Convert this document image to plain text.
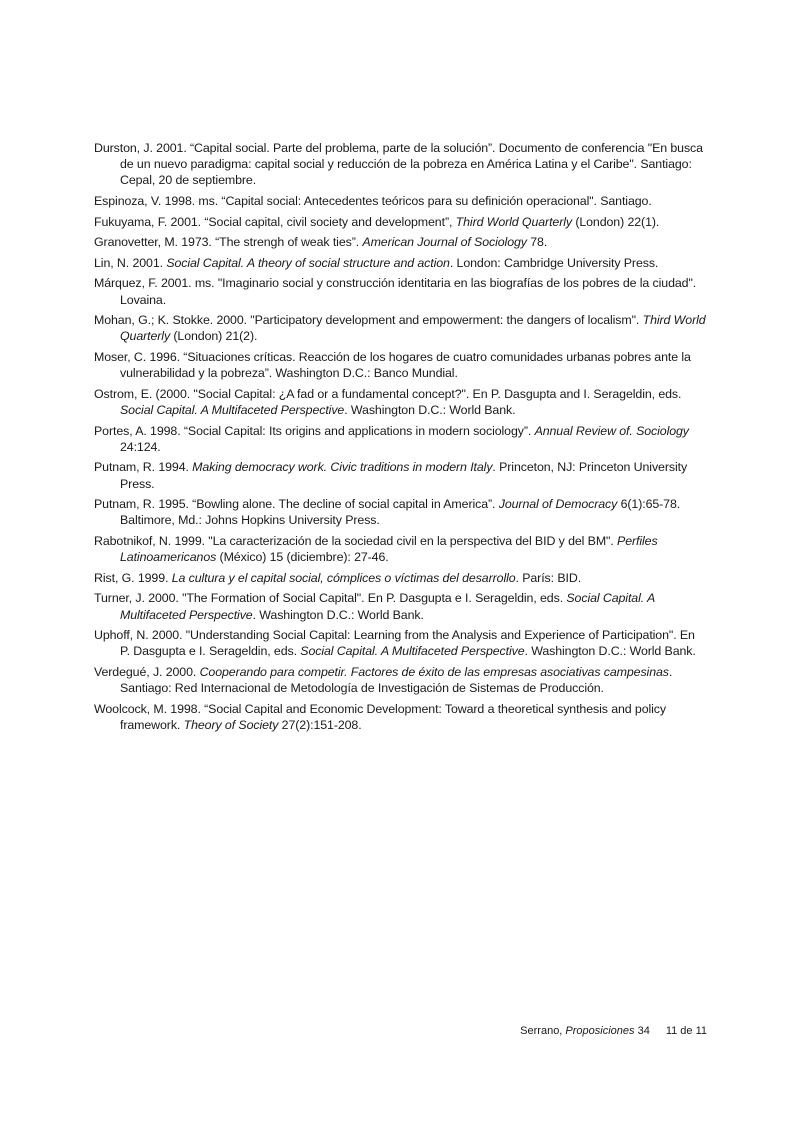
Durston, J. 2001. “Capital social. Parte del problema, parte de la solución”. Documento de conferencia "En busca de un nuevo paradigma: capital social y reducción de la pobreza en América Latina y el Caribe". Santiago: Cepal, 20 de septiembre.

Espinoza, V. 1998. ms. “Capital social: Antecedentes teóricos para su definición operacional". Santiago.

Fukuyama, F. 2001. “Social capital, civil society and development”, Third World Quarterly (London) 22(1).

Granovetter, M. 1973. “The strengh of weak ties”. American Journal of Sociology 78.

Lin, N. 2001. Social Capital. A theory of social structure and action. London: Cambridge University Press.

Márquez, F. 2001. ms. "Imaginario social y construcción identitaria en las biografías de los pobres de la ciudad". Lovaina.

Mohan, G.; K. Stokke. 2000. "Participatory development and empowerment: the dangers of localism". Third World Quarterly (London) 21(2).

Moser, C. 1996. “Situaciones críticas. Reacción de los hogares de cuatro comunidades urbanas pobres ante la vulnerabilidad y la pobreza”. Washington D.C.: Banco Mundial.

Ostrom, E. (2000. "Social Capital: ¿A fad or a fundamental concept?". En P. Dasgupta and I. Serageldin, eds. Social Capital. A Multifaceted Perspective. Washington D.C.: World Bank.

Portes, A. 1998. “Social Capital: Its origins and applications in modern sociology”. Annual Review of. Sociology 24:124.

Putnam, R. 1994. Making democracy work. Civic traditions in modern Italy. Princeton, NJ: Princeton University Press.

Putnam, R. 1995. “Bowling alone. The decline of social capital in America”. Journal of Democracy 6(1):65-78. Baltimore, Md.: Johns Hopkins University Press.

Rabotnikof, N. 1999. "La caracterización de la sociedad civil en la perspectiva del BID y del BM". Perfiles Latinoamericanos (México) 15 (diciembre): 27-46.

Rist, G. 1999. La cultura y el capital social, cómplices o víctimas del desarrollo. París: BID.

Turner, J. 2000. "The Formation of Social Capital". En P. Dasgupta e I. Serageldin, eds. Social Capital. A Multifaceted Perspective. Washington D.C.: World Bank.

Uphoff, N. 2000. "Understanding Social Capital: Learning from the Analysis and Experience of Participation". En P. Dasgupta e I. Serageldin, eds. Social Capital. A Multifaceted Perspective. Washington D.C.: World Bank.

Verdegué, J. 2000. Cooperando para competir. Factores de éxito de las empresas asociativas campesinas. Santiago: Red Internacional de Metodología de Investigación de Sistemas de Producción.

Woolcock, M. 1998. “Social Capital and Economic Development: Toward a theoretical synthesis and policy framework. Theory of Society 27(2):151-208.

Serrano, Proposiciones 34 11 de 11
